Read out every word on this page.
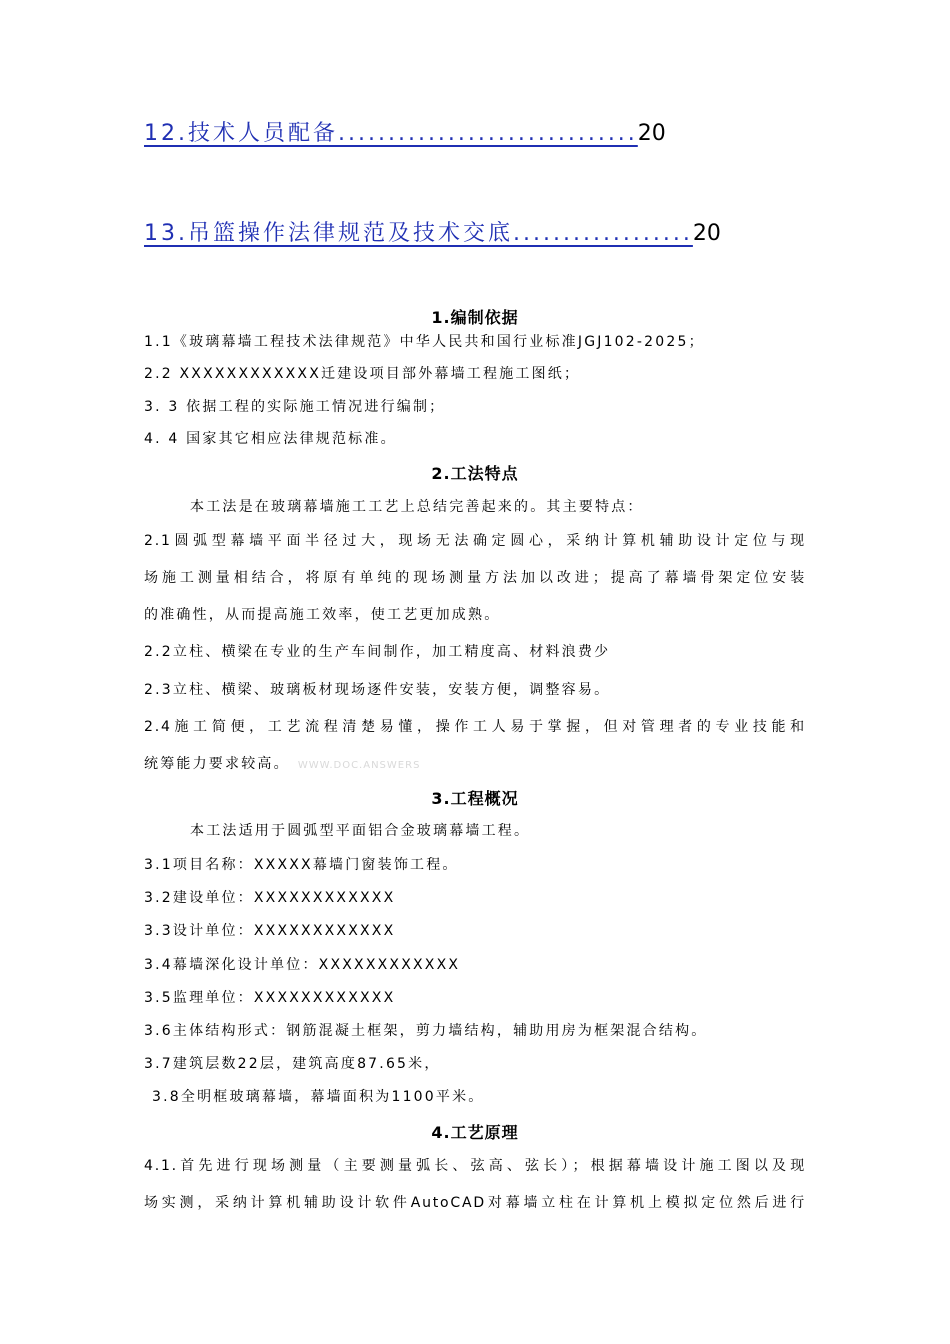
12.技术人员配备..............................20
13.吊篮操作法律规范及技术交底..................20
1.编制依据
1.1《玻璃幕墙工程技术法律规范》中华人民共和国行业标准JGJ102-2025；
2.2 XXXXXXXXXXXX迁建设项目部外幕墙工程施工图纸；
3. 3 依据工程的实际施工情况进行编制；
4. 4 国家其它相应法律规范标准。
2.工法特点
本工法是在玻璃幕墙施工工艺上总结完善起来的。其主要特点：
2.1圆弧型幕墙平面半径过大，现场无法确定圆心，采纳计算机辅助设计定位与现
场施工测量相结合，将原有单纯的现场测量方法加以改进；提高了幕墙骨架定位安装
的准确性，从而提高施工效率，使工艺更加成熟。
2.2立柱、横梁在专业的生产车间制作，加工精度高、材料浪费少
2.3立柱、横梁、玻璃板材现场逐件安装，安装方便，调整容易。
2.4施工简便，工艺流程清楚易懂，操作工人易于掌握，但对管理者的专业技能和
统筹能力要求较高。 WWW.DOC.ANSWERS
3.工程概况
本工法适用于圆弧型平面铝合金玻璃幕墙工程。
3.1项目名称：XXXXX幕墙门窗装饰工程。
3.2建设单位：XXXXXXXXXXXX
3.3设计单位：XXXXXXXXXXXX
3.4幕墙深化设计单位：XXXXXXXXXXXX
3.5监理单位：XXXXXXXXXXXX
3.6主体结构形式：钢筋混凝土框架，剪力墙结构，辅助用房为框架混合结构。
3.7建筑层数22层，建筑高度87.65米，
3.8全明框玻璃幕墙，幕墙面积为1100平米。
4.工艺原理
4.1.首先进行现场测量（主要测量弧长、弦高、弦长）；根据幕墙设计施工图以及现
场实测，采纳计算机辅助设计软件AutoCAD对幕墙立柱在计算机上模拟定位然后进行
